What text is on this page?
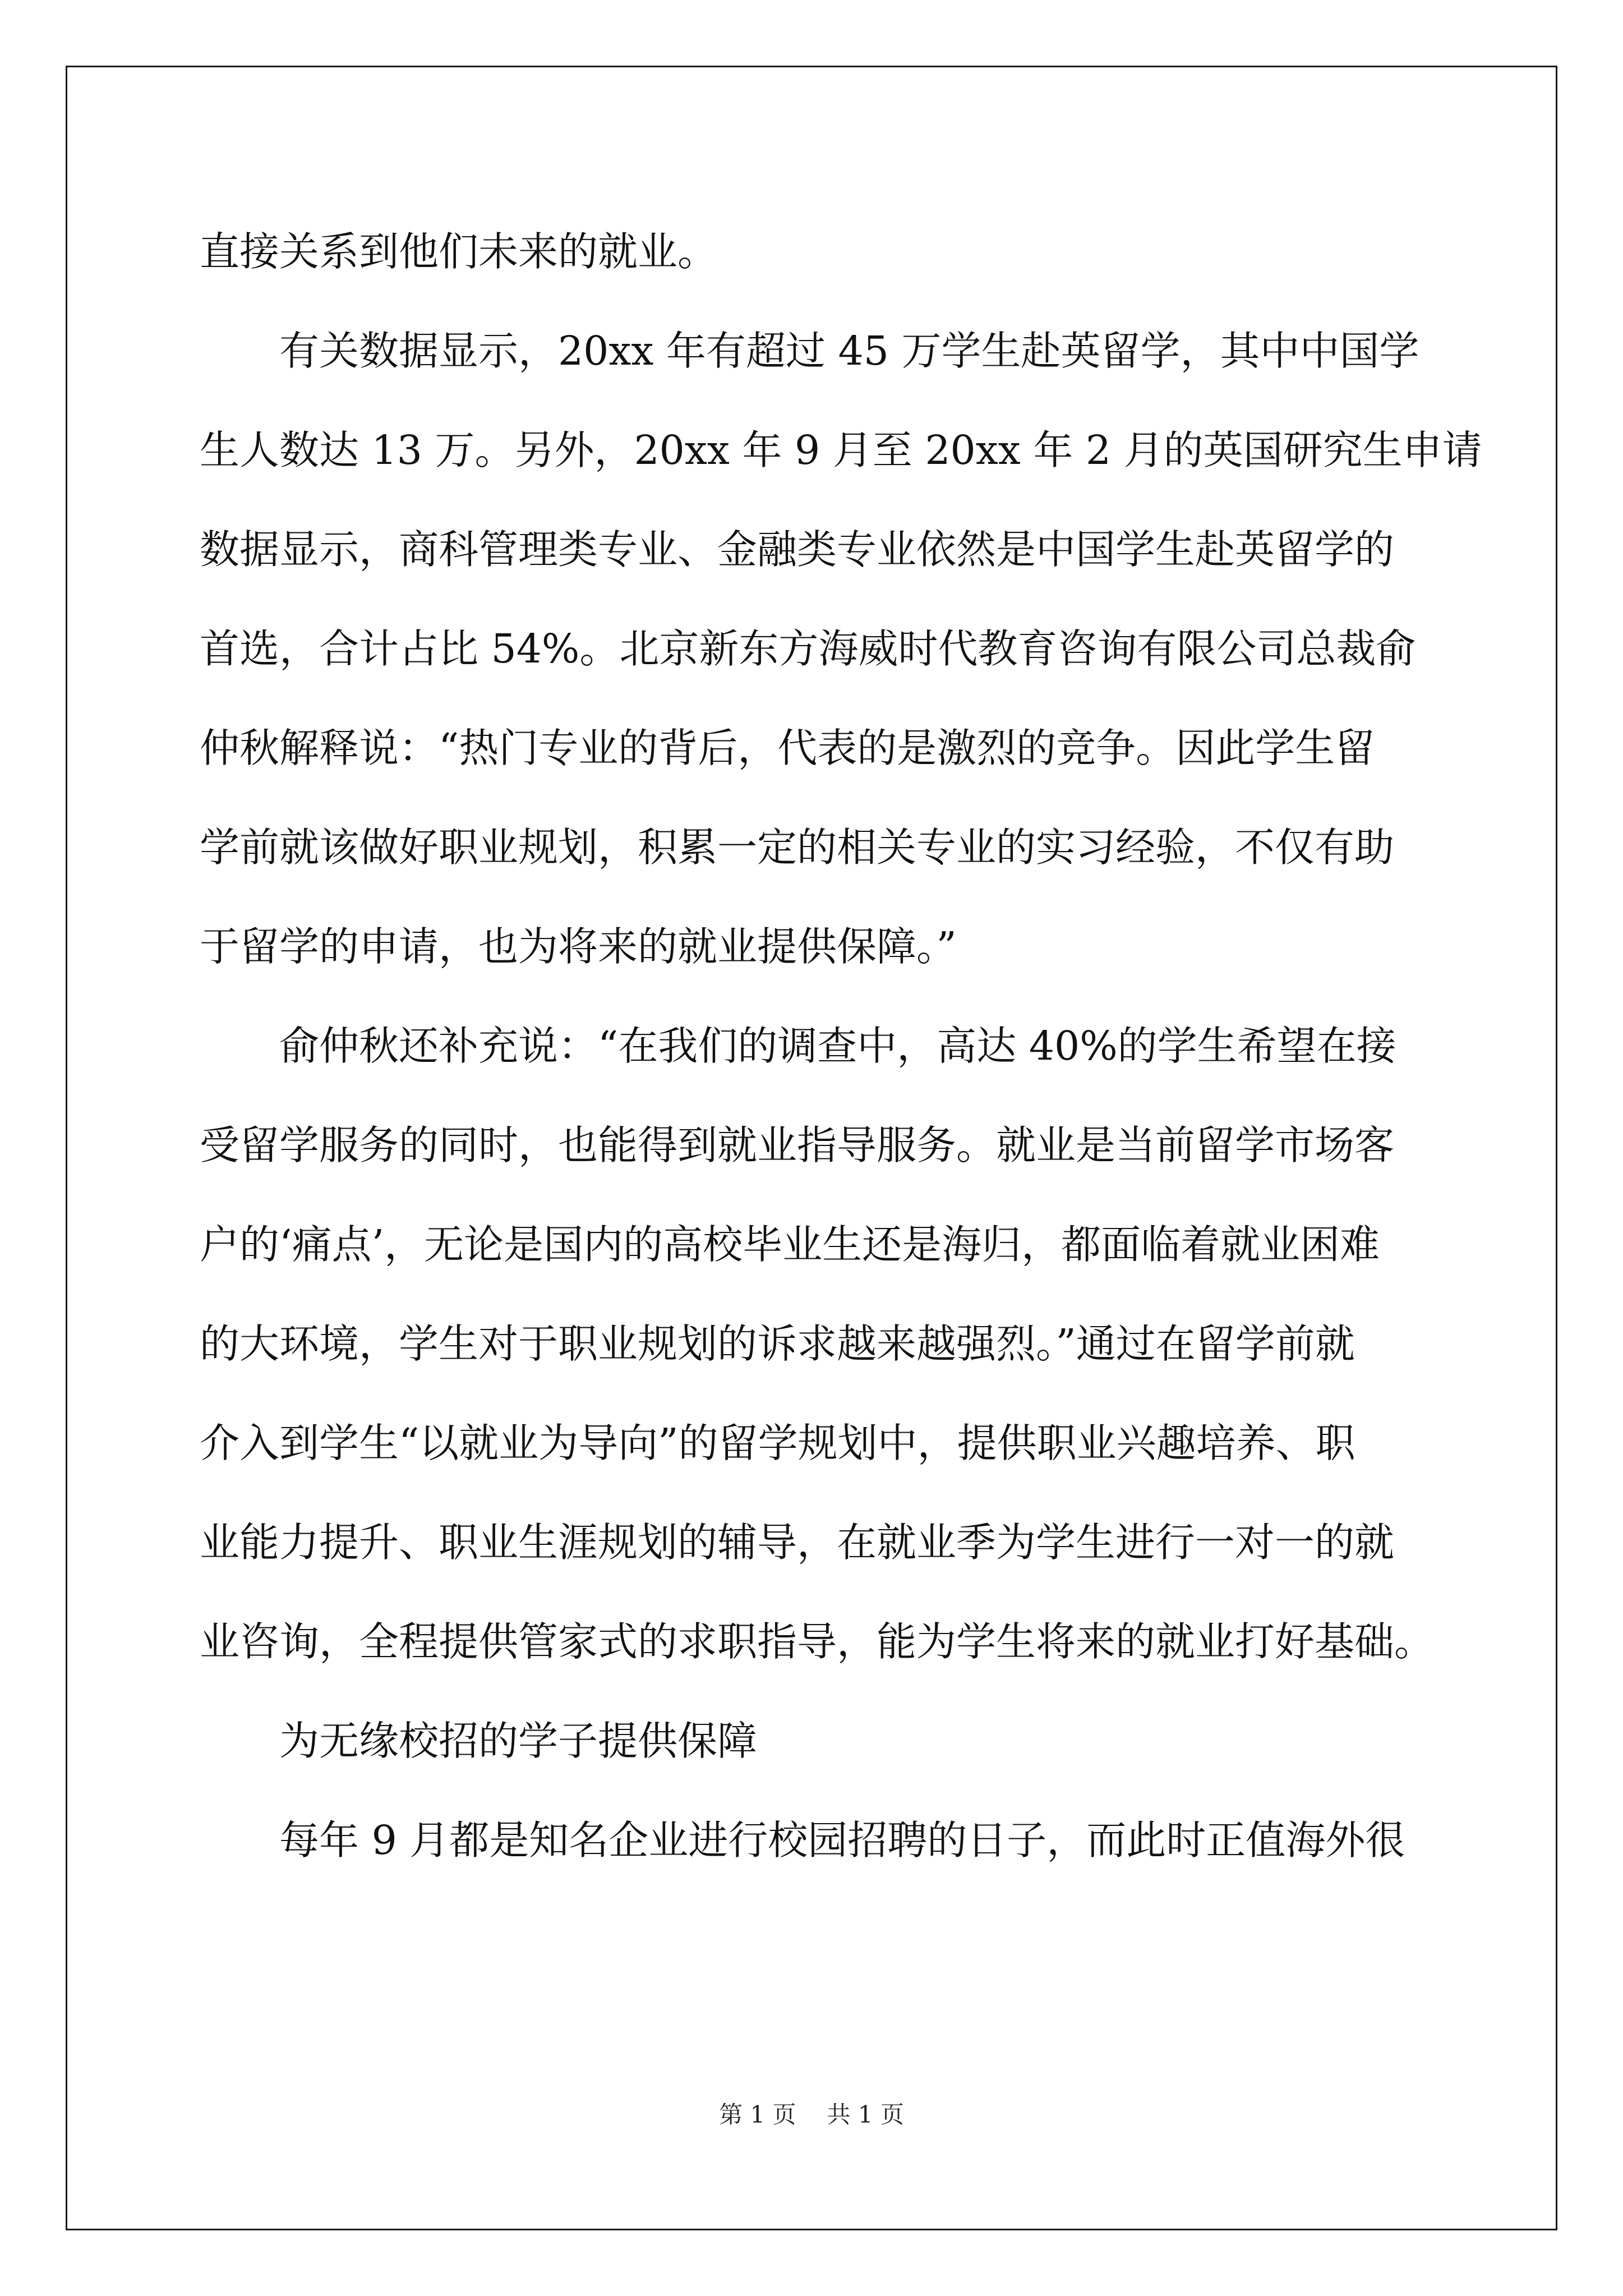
直接关系到他们未来的就业。
有关数据显示，20xx 年有超过 45 万学生赴英留学，其中中国学
生人数达 13 万。另外，20xx 年 9 月至 20xx 年 2 月的英国研究生申请
数据显示，商科管理类专业、金融类专业依然是中国学生赴英留学的
首选，合计占比 54%。北京新东方海威时代教育咨询有限公司总裁俞
仲秋解释说：“热门专业的背后，代表的是激烈的竞争。因此学生留
学前就该做好职业规划，积累一定的相关专业的实习经验，不仅有助
于留学的申请，也为将来的就业提供保障。”
俞仲秋还补充说：“在我们的调查中，高达 40%的学生希望在接
受留学服务的同时，也能得到就业指导服务。就业是当前留学市场客
户的‘痛点’，无论是国内的高校毕业生还是海归，都面临着就业困难
的大环境，学生对于职业规划的诉求越来越强烈。”通过在留学前就
介入到学生“以就业为导向”的留学规划中，提供职业兴趣培养、职
业能力提升、职业生涯规划的辅导，在就业季为学生进行一对一的就
业咨询，全程提供管家式的求职指导，能为学生将来的就业打好基础。
为无缘校招的学子提供保障
每年 9 月都是知名企业进行校园招聘的日子，而此时正值海外很
第 1 页 共 1 页
